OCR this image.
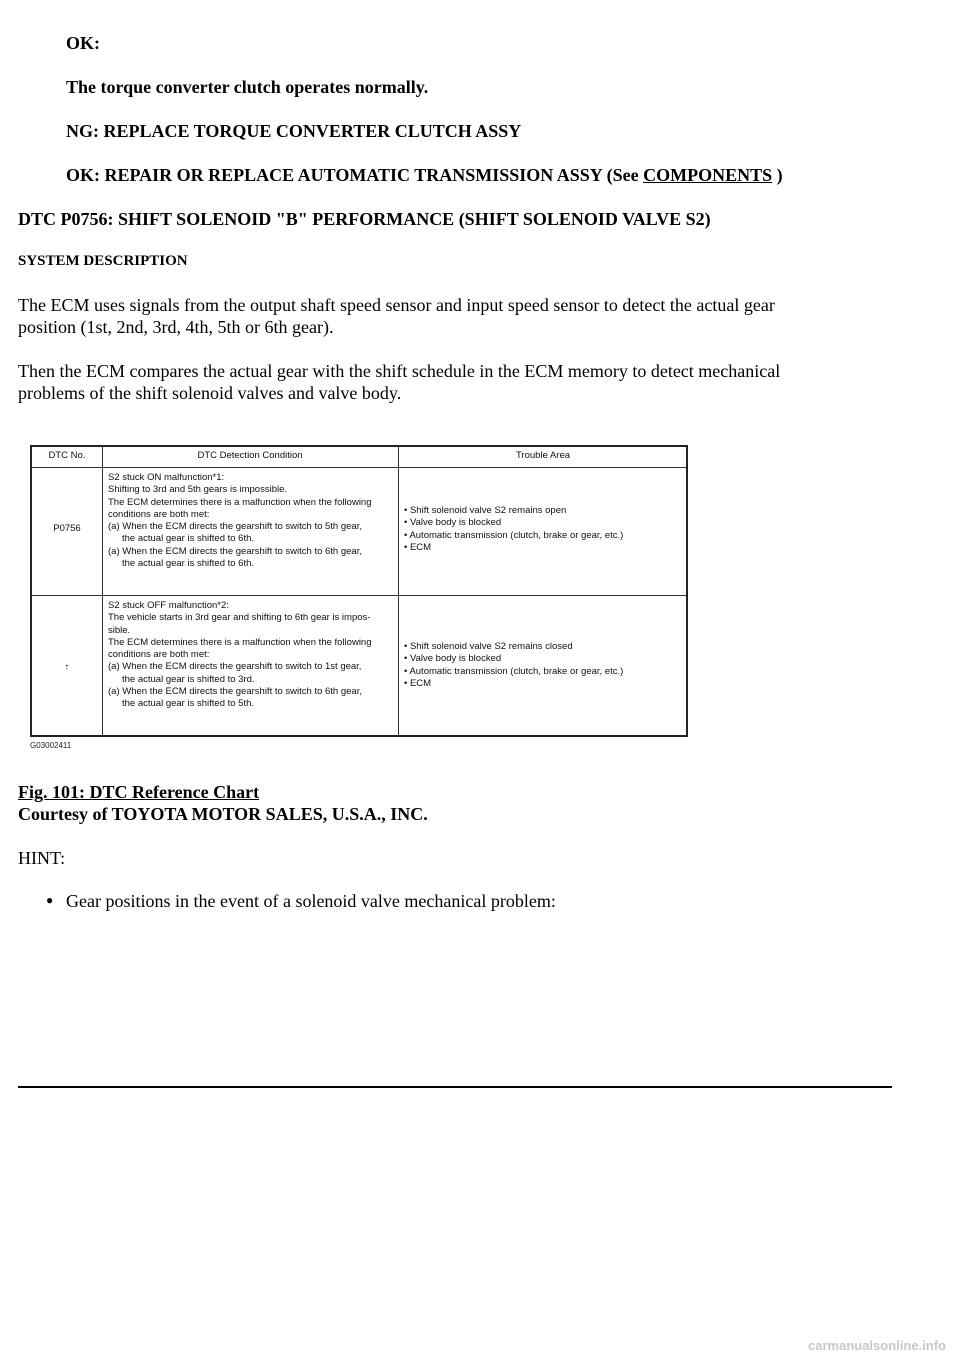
OK:
The torque converter clutch operates normally.
NG: REPLACE TORQUE CONVERTER CLUTCH ASSY
OK: REPAIR OR REPLACE AUTOMATIC TRANSMISSION ASSY (See COMPONENTS )
DTC P0756: SHIFT SOLENOID "B" PERFORMANCE (SHIFT SOLENOID VALVE S2)
SYSTEM DESCRIPTION
The ECM uses signals from the output shaft speed sensor and input speed sensor to detect the actual gear
position (1st, 2nd, 3rd, 4th, 5th or 6th gear).
Then the ECM compares the actual gear with the shift schedule in the ECM memory to detect mechanical
problems of the shift solenoid valves and valve body.
DTC No.	DTC Detection Condition	Trouble Area
P0756
S2 stuck ON malfunction*1:
Shifting to 3rd and 5th gears is impossible.
The ECM determines there is a malfunction when the following
conditions are both met:
(a) When the ECM directs the gearshift to switch to 5th gear,
the actual gear is shifted to 6th.
(a) When the ECM directs the gearshift to switch to 6th gear,
the actual gear is shifted to 6th.
• Shift solenoid valve S2 remains open
• Valve body is blocked
• Automatic transmission (clutch, brake or gear, etc.)
• ECM
↑
S2 stuck OFF malfunction*2:
The vehicle starts in 3rd gear and shifting to 6th gear is impos-
sible.
The ECM determines there is a malfunction when the following
conditions are both met:
(a) When the ECM directs the gearshift to switch to 1st gear,
the actual gear is shifted to 3rd.
(a) When the ECM directs the gearshift to switch to 6th gear,
the actual gear is shifted to 5th.
• Shift solenoid valve S2 remains closed
• Valve body is blocked
• Automatic transmission (clutch, brake or gear, etc.)
• ECM
G03002411
Fig. 101: DTC Reference Chart
Courtesy of TOYOTA MOTOR SALES, U.S.A., INC.
HINT:
● Gear positions in the event of a solenoid valve mechanical problem:
carmanualsonline.info
